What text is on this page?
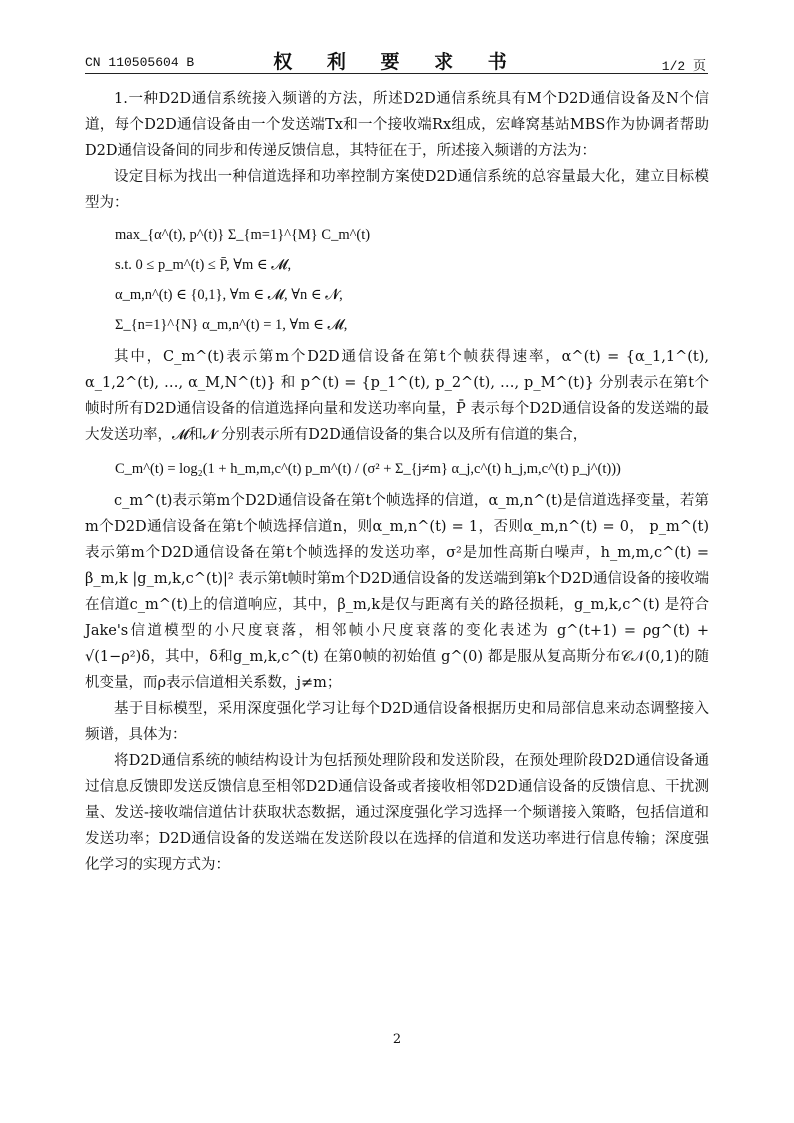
CN 110505604 B	权 利 要 求 书	1/2 页

1.一种D2D通信系统接入频谱的方法，所述D2D通信系统具有M个D2D通信设备及N个信道，每个D2D通信设备由一个发送端Tx和一个接收端Rx组成，宏峰窝基站MBS作为协调者帮助D2D通信设备间的同步和传递反馈信息，其特征在于，所述接入频谱的方法为：

设定目标为找出一种信道选择和功率控制方案使D2D通信系统的总容量最大化，建立目标模型为：

max_{α^(t), p^(t)} Σ_{m=1}^{M} C_m^(t)
s.t. 0 ≤ p_m^(t) ≤ P̄, ∀m ∈ 𝓜,
α_m,n^(t) ∈ {0,1}, ∀m ∈ 𝓜, ∀n ∈ 𝓝,
Σ_{n=1}^{N} α_m,n^(t) = 1, ∀m ∈ 𝓜,

其中，C_m^(t)表示第m个D2D通信设备在第t个帧获得速率，α^(t) = {α_1,1^(t), α_1,2^(t), …, α_M,N^(t)} 和 p^(t) = {p_1^(t), p_2^(t), …, p_M^(t)} 分别表示在第t个帧时所有D2D通信设备的信道选择向量和发送功率向量，P̄ 表示每个D2D通信设备的发送端的最大发送功率，𝓜和𝓝 分别表示所有D2D通信设备的集合以及所有信道的集合，

C_m^(t) = log₂(1 + h_m,m,c^(t) p_m^(t) / (σ² + Σ_{j≠m} α_j,c^(t) h_j,m,c^(t) p_j^(t)))

c_m^(t)表示第m个D2D通信设备在第t个帧选择的信道，α_m,n^(t)是信道选择变量，若第m个D2D通信设备在第t个帧选择信道n，则α_m,n^(t) = 1，否则α_m,n^(t) = 0， p_m^(t)表示第m个D2D通信设备在第t个帧选择的发送功率，σ²是加性高斯白噪声，h_m,m,c^(t) = β_m,k |g_m,k,c^(t)|² 表示第t帧时第m个D2D通信设备的发送端到第k个D2D通信设备的接收端在信道c_m^(t)上的信道响应，其中，β_m,k是仅与距离有关的路径损耗，g_m,k,c^(t) 是符合Jake's信道模型的小尺度衰落，相邻帧小尺度衰落的变化表述为 g^(t+1) = ρg^(t) + √(1−ρ²)δ，其中，δ和g_m,k,c^(t) 在第0帧的初始值 g^(0) 都是服从复高斯分布𝒞𝒩(0,1)的随机变量，而ρ表示信道相关系数，j≠m；

基于目标模型，采用深度强化学习让每个D2D通信设备根据历史和局部信息来动态调整接入频谱，具体为：

将D2D通信系统的帧结构设计为包括预处理阶段和发送阶段，在预处理阶段D2D通信设备通过信息反馈即发送反馈信息至相邻D2D通信设备或者接收相邻D2D通信设备的反馈信息、干扰测量、发送-接收端信道估计获取状态数据，通过深度强化学习选择一个频谱接入策略，包括信道和发送功率；D2D通信设备的发送端在发送阶段以在选择的信道和发送功率进行信息传输；深度强化学习的实现方式为：

2
